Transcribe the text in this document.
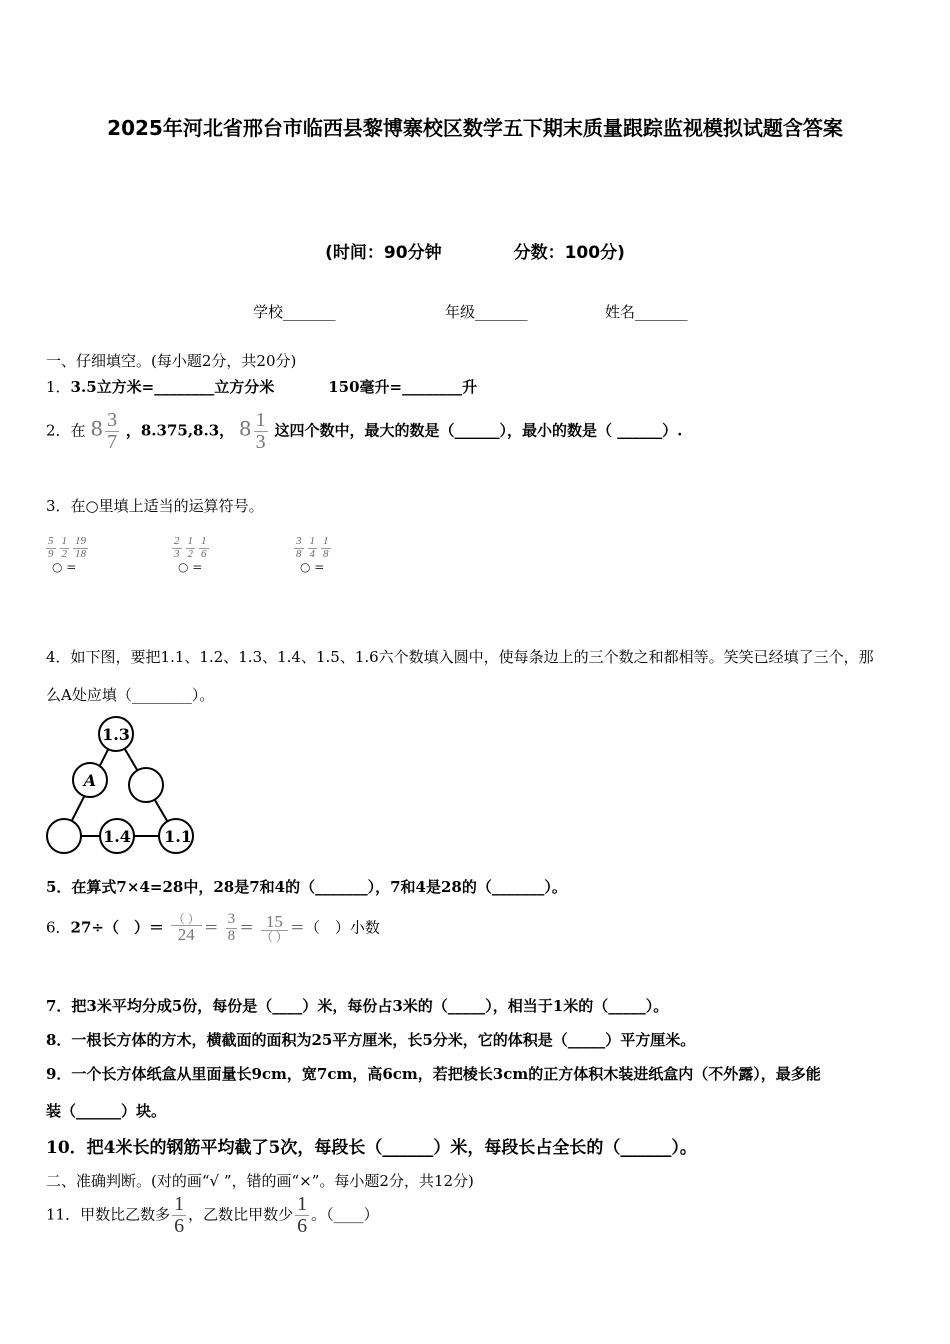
2025年河北省邢台市临西县黎博寨校区数学五下期末质量跟踪监视模拟试题含答案
(时间：90分钟	分数：100分)
学校_______	年级_______	姓名_______
一、仔细填空。(每小题2分，共20分)
1．3.5立方米=________立方分米	150毫升=________升
2．在 $8 \frac{3}{7}$ ，8.375,8.3， $8 \frac{1}{3}$ 这四个数中，最大的数是（______），最小的数是（ ______）.
3．在○里填上适当的运算符号。
$\frac{5}{9} \frac{1}{2} \frac{19}{18}$
○ =
$\frac{2}{3} \frac{1}{2} \frac{1}{6}$
○ =
$\frac{3}{8} \frac{1}{4} \frac{1}{8}$
○ =
4．如下图，要把1.1、1.2、1.3、1.4、1.5、1.6六个数填入圆中，使每条边上的三个数之和都相等。笑笑已经填了三个，那
么A处应填（________）。
1.3
A
1.4 1.1
5．在算式7×4=28中，28是7和4的（_______），7和4是28的（_______）。
6．27÷（　）＝ （ ）
$24 = \frac{3}{8} = 15$
（ ）
＝（　）小数
7．把3米平均分成5份，每份是（____）米，每份占3米的（_____），相当于1米的（_____）。
8．一根长方体的方木，横截面的面积为25平方厘米，长5分米，它的体积是（_____）平方厘米。
9．一个长方体纸盒从里面量长9cm，宽7cm，高6cm，若把棱长3cm的正方体积木装进纸盒内（不外露），最多能
装（______）块。
10．把4米长的钢筋平均截了5次，每段长（______）米，每段长占全长的（______）。
二、准确判断。(对的画“√ ”，错的画“×”。每小题2分，共12分)
11．甲数比乙数多 $\frac{1}{6}$ ，乙数比甲数少 $\frac{1}{6}$ 。（____）
